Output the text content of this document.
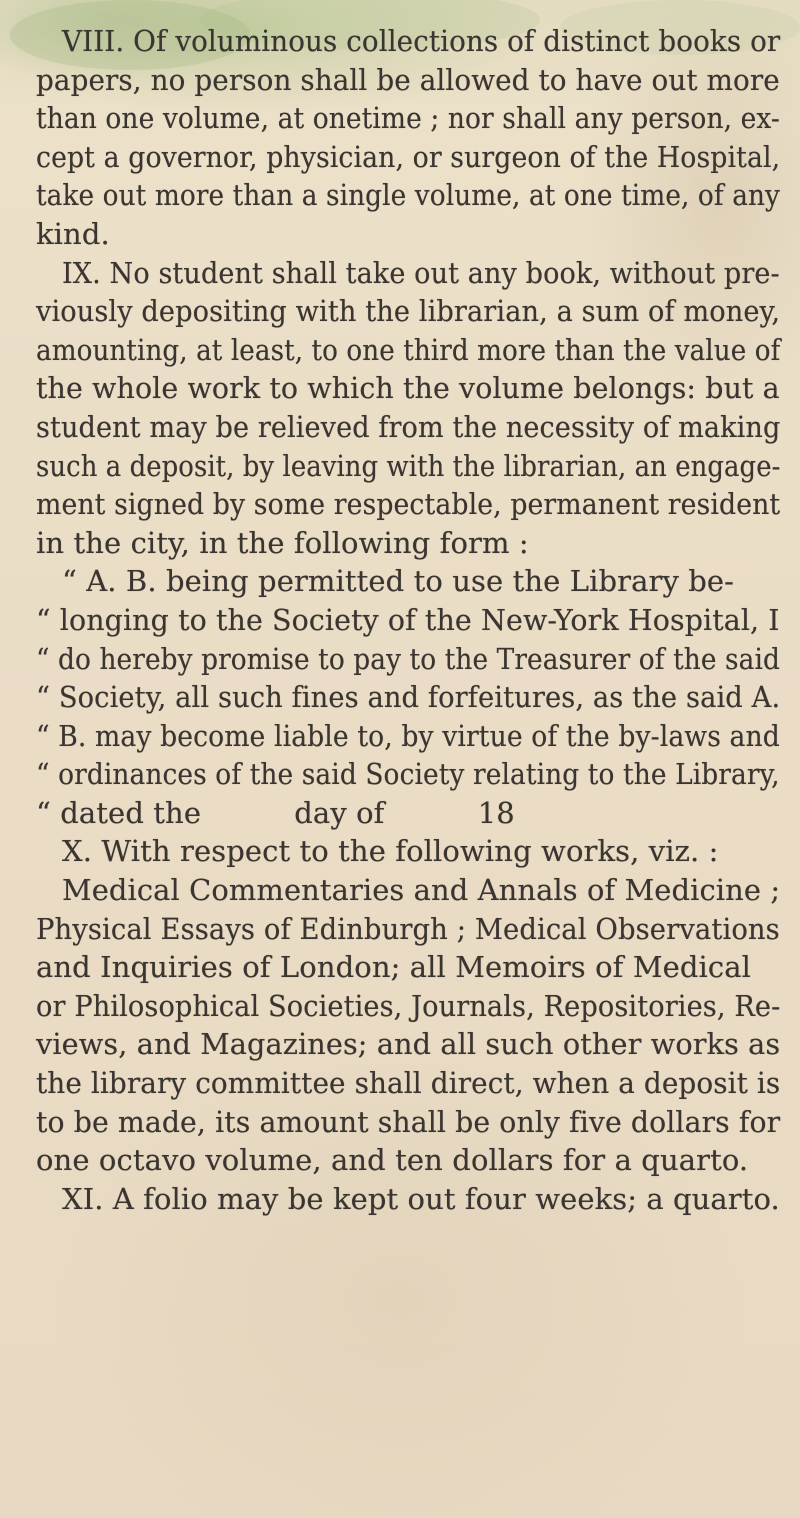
VIII. Of voluminous collections of distinct books or
papers, no person shall be allowed to have out more
than one volume, at onetime ; nor shall any person, ex-
cept a governor, physician, or surgeon of the Hospital,
take out more than a single volume, at one time, of any
kind.
IX. No student shall take out any book, without pre-
viously depositing with the librarian, a sum of money,
amounting, at least, to one third more than the value of
the whole work to which the volume belongs: but a
student may be relieved from the necessity of making
such a deposit, by leaving with the librarian, an engage-
ment signed by some respectable, permanent resident
in the city, in the following form :
“ A. B. being permitted to use the Library be-
“ longing to the Society of the New-York Hospital, I
“ do hereby promise to pay to the Treasurer of the said
“ Society, all such fines and forfeitures, as the said A.
“ B. may become liable to, by virtue of the by-laws and
“ ordinances of the said Society relating to the Library,
“ dated the          day of          18
X. With respect to the following works, viz. :
Medical Commentaries and Annals of Medicine ;
Physical Essays of Edinburgh ; Medical Observations
and Inquiries of London; all Memoirs of Medical
or Philosophical Societies, Journals, Repositories, Re-
views, and Magazines; and all such other works as
the library committee shall direct, when a deposit is
to be made, its amount shall be only five dollars for
one octavo volume, and ten dollars for a quarto.
XI. A folio may be kept out four weeks; a quarto.
